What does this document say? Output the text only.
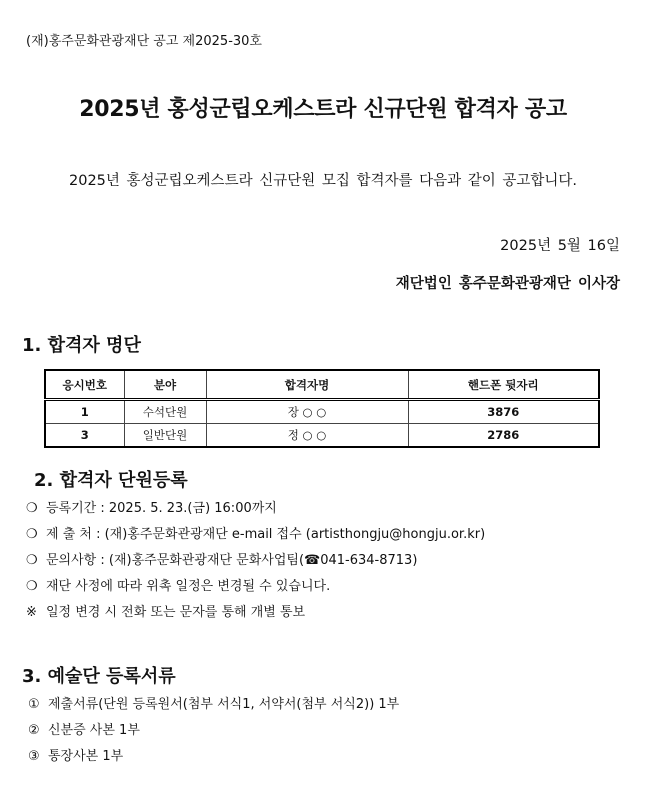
(재)홍주문화관광재단 공고 제2025-30호
2025년 홍성군립오케스트라 신규단원 합격자 공고
2025년 홍성군립오케스트라 신규단원 모집 합격자를 다음과 같이 공고합니다.
2025년 5월 16일
재단법인 홍주문화관광재단 이사장
1. 합격자 명단
응시번호	분야	합격자명	핸드폰 뒷자리
1	수석단원	장 ○ ○	3876
3	일반단원	정 ○ ○	2786
2. 합격자 단원등록
❍ 등록기간 : 2025. 5. 23.(금) 16:00까지
❍ 제 출 처 : (재)홍주문화관광재단 e-mail 접수 (artisthongju@hongju.or.kr)
❍ 문의사항 : (재)홍주문화관광재단 문화사업팀(☎041-634-8713)
❍ 재단 사정에 따라 위촉 일정은 변경될 수 있습니다.
※ 일정 변경 시 전화 또는 문자를 통해 개별 통보
3. 예술단 등록서류
① 제출서류(단원 등록원서(첨부 서식1, 서약서(첨부 서식2)) 1부
② 신분증 사본 1부
③ 통장사본 1부
